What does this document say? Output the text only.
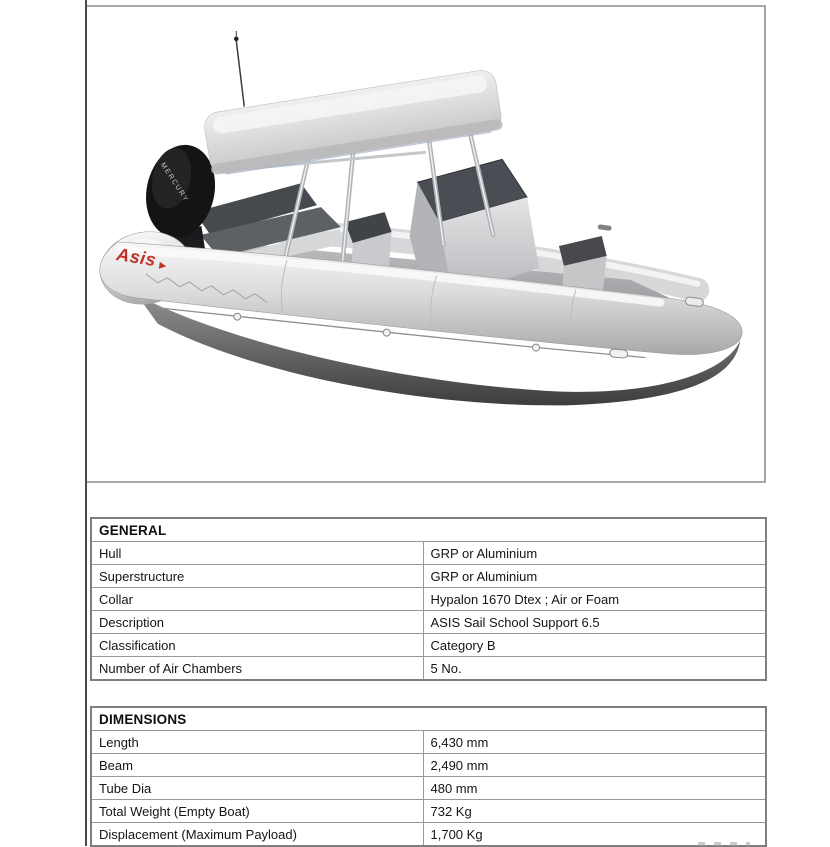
MERCURY
Asis
GENERAL	
Hull	GRP or Aluminium
Superstructure	GRP or Aluminium
Collar	Hypalon 1670 Dtex ; Air or Foam
Description	ASIS Sail School Support 6.5
Classification	Category B
Number of Air Chambers	5 No.
DIMENSIONS	
Length	6,430 mm
Beam	2,490 mm
Tube Dia	480 mm
Total Weight (Empty Boat)	732 Kg
Displacement (Maximum Payload)	1,700 Kg
